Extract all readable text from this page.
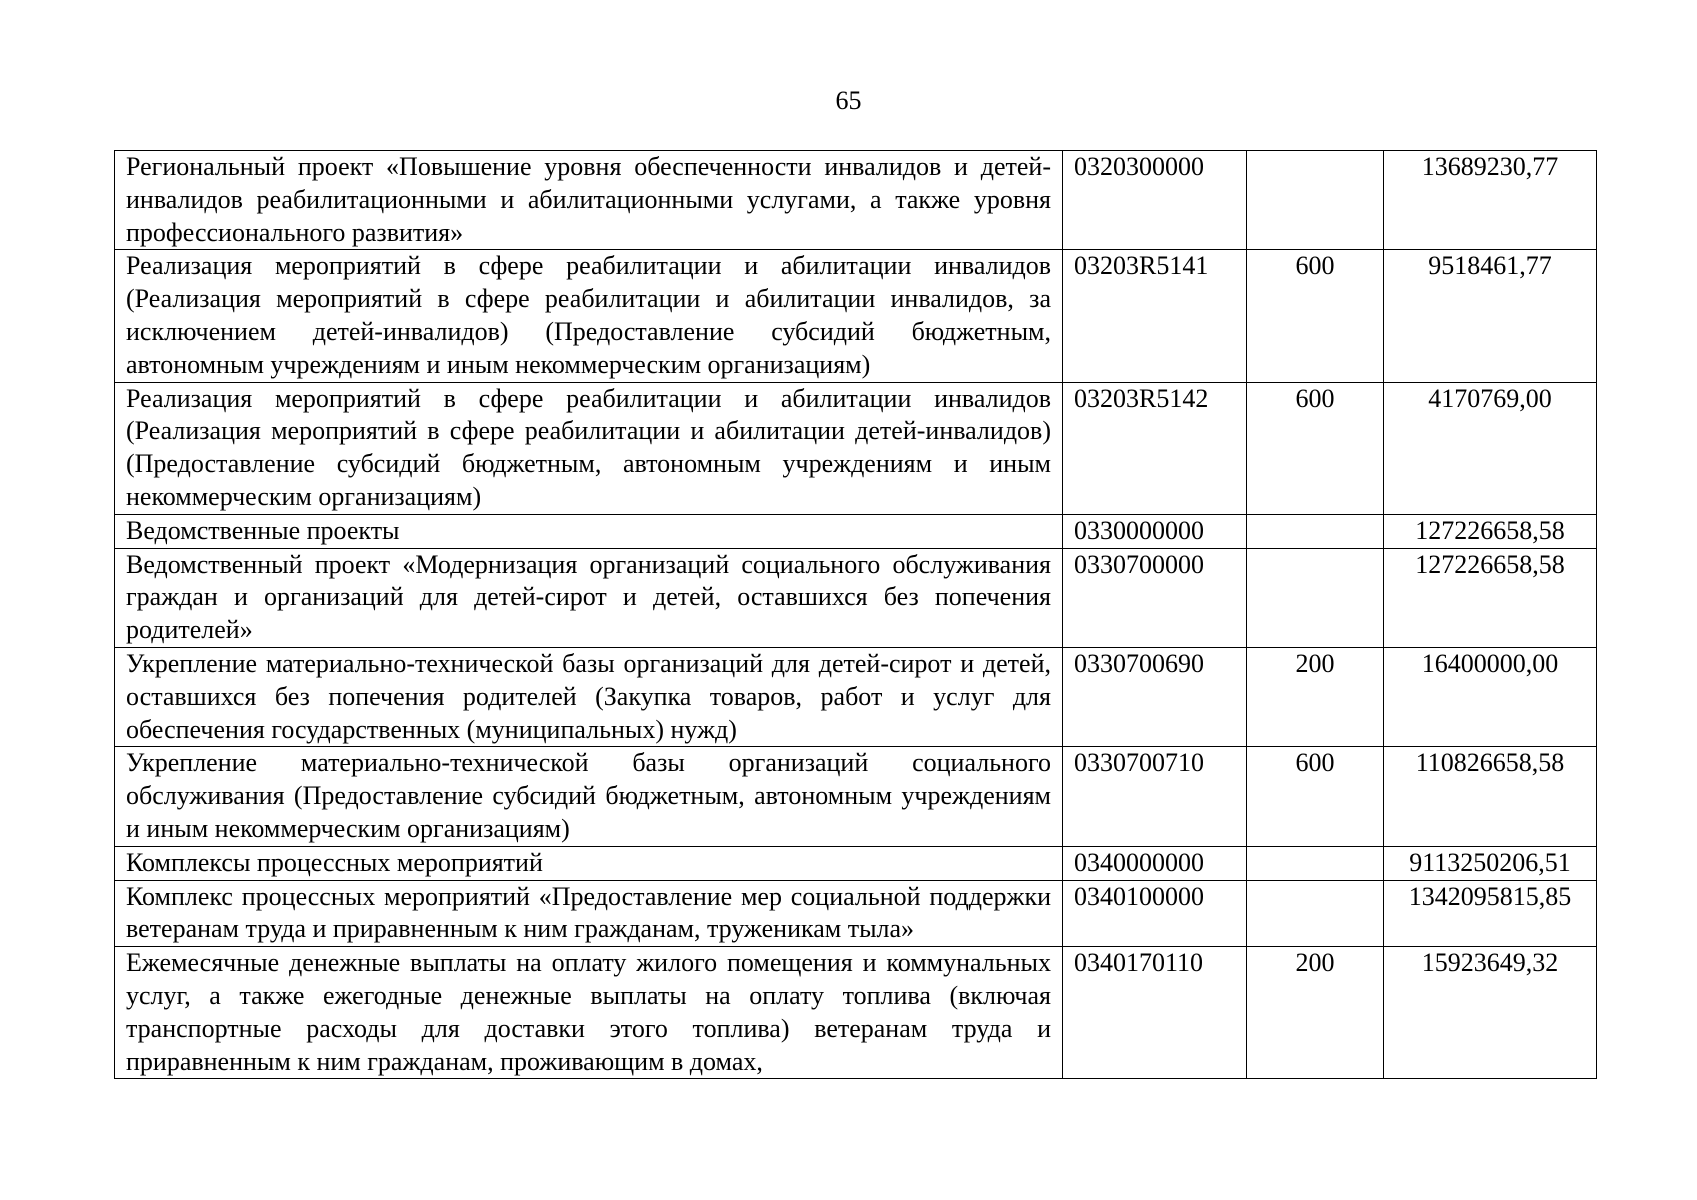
65
Региональный проект «Повышение уровня обеспеченности инвалидов и детей-инвалидов реабилитационными и абилитационными услугами, а также уровня профессионального развития»	0320300000		13689230,77
Реализация мероприятий в сфере реабилитации и абилитации инвалидов (Реализация мероприятий в сфере реабилитации и абилитации инвалидов, за исключением детей-инвалидов) (Предоставление субсидий бюджетным, автономным учреждениям и иным некоммерческим организациям)	03203R5141	600	9518461,77
Реализация мероприятий в сфере реабилитации и абилитации инвалидов (Реализация мероприятий в сфере реабилитации и абилитации детей-инвалидов) (Предоставление субсидий бюджетным, автономным учреждениям и иным некоммерческим организациям)	03203R5142	600	4170769,00
Ведомственные проекты	0330000000		127226658,58
Ведомственный проект «Модернизация организаций социального обслуживания граждан и организаций для детей-сирот и детей, оставшихся без попечения родителей»	0330700000		127226658,58
Укрепление материально-технической базы организаций для детей-сирот и детей, оставшихся без попечения родителей (Закупка товаров, работ и услуг для обеспечения государственных (муниципальных) нужд)	0330700690	200	16400000,00
Укрепление материально-технической базы организаций социального обслуживания (Предоставление субсидий бюджетным, автономным учреждениям и иным некоммерческим организациям)	0330700710	600	110826658,58
Комплексы процессных мероприятий	0340000000		9113250206,51
Комплекс процессных мероприятий «Предоставление мер социальной поддержки ветеранам труда и приравненным к ним гражданам, труженикам тыла»	0340100000		1342095815,85
Ежемесячные денежные выплаты на оплату жилого помещения и коммунальных услуг, а также ежегодные денежные выплаты на оплату топлива (включая транспортные расходы для доставки этого топлива) ветеранам труда и приравненным к ним гражданам, проживающим в домах,	0340170110	200	15923649,32
